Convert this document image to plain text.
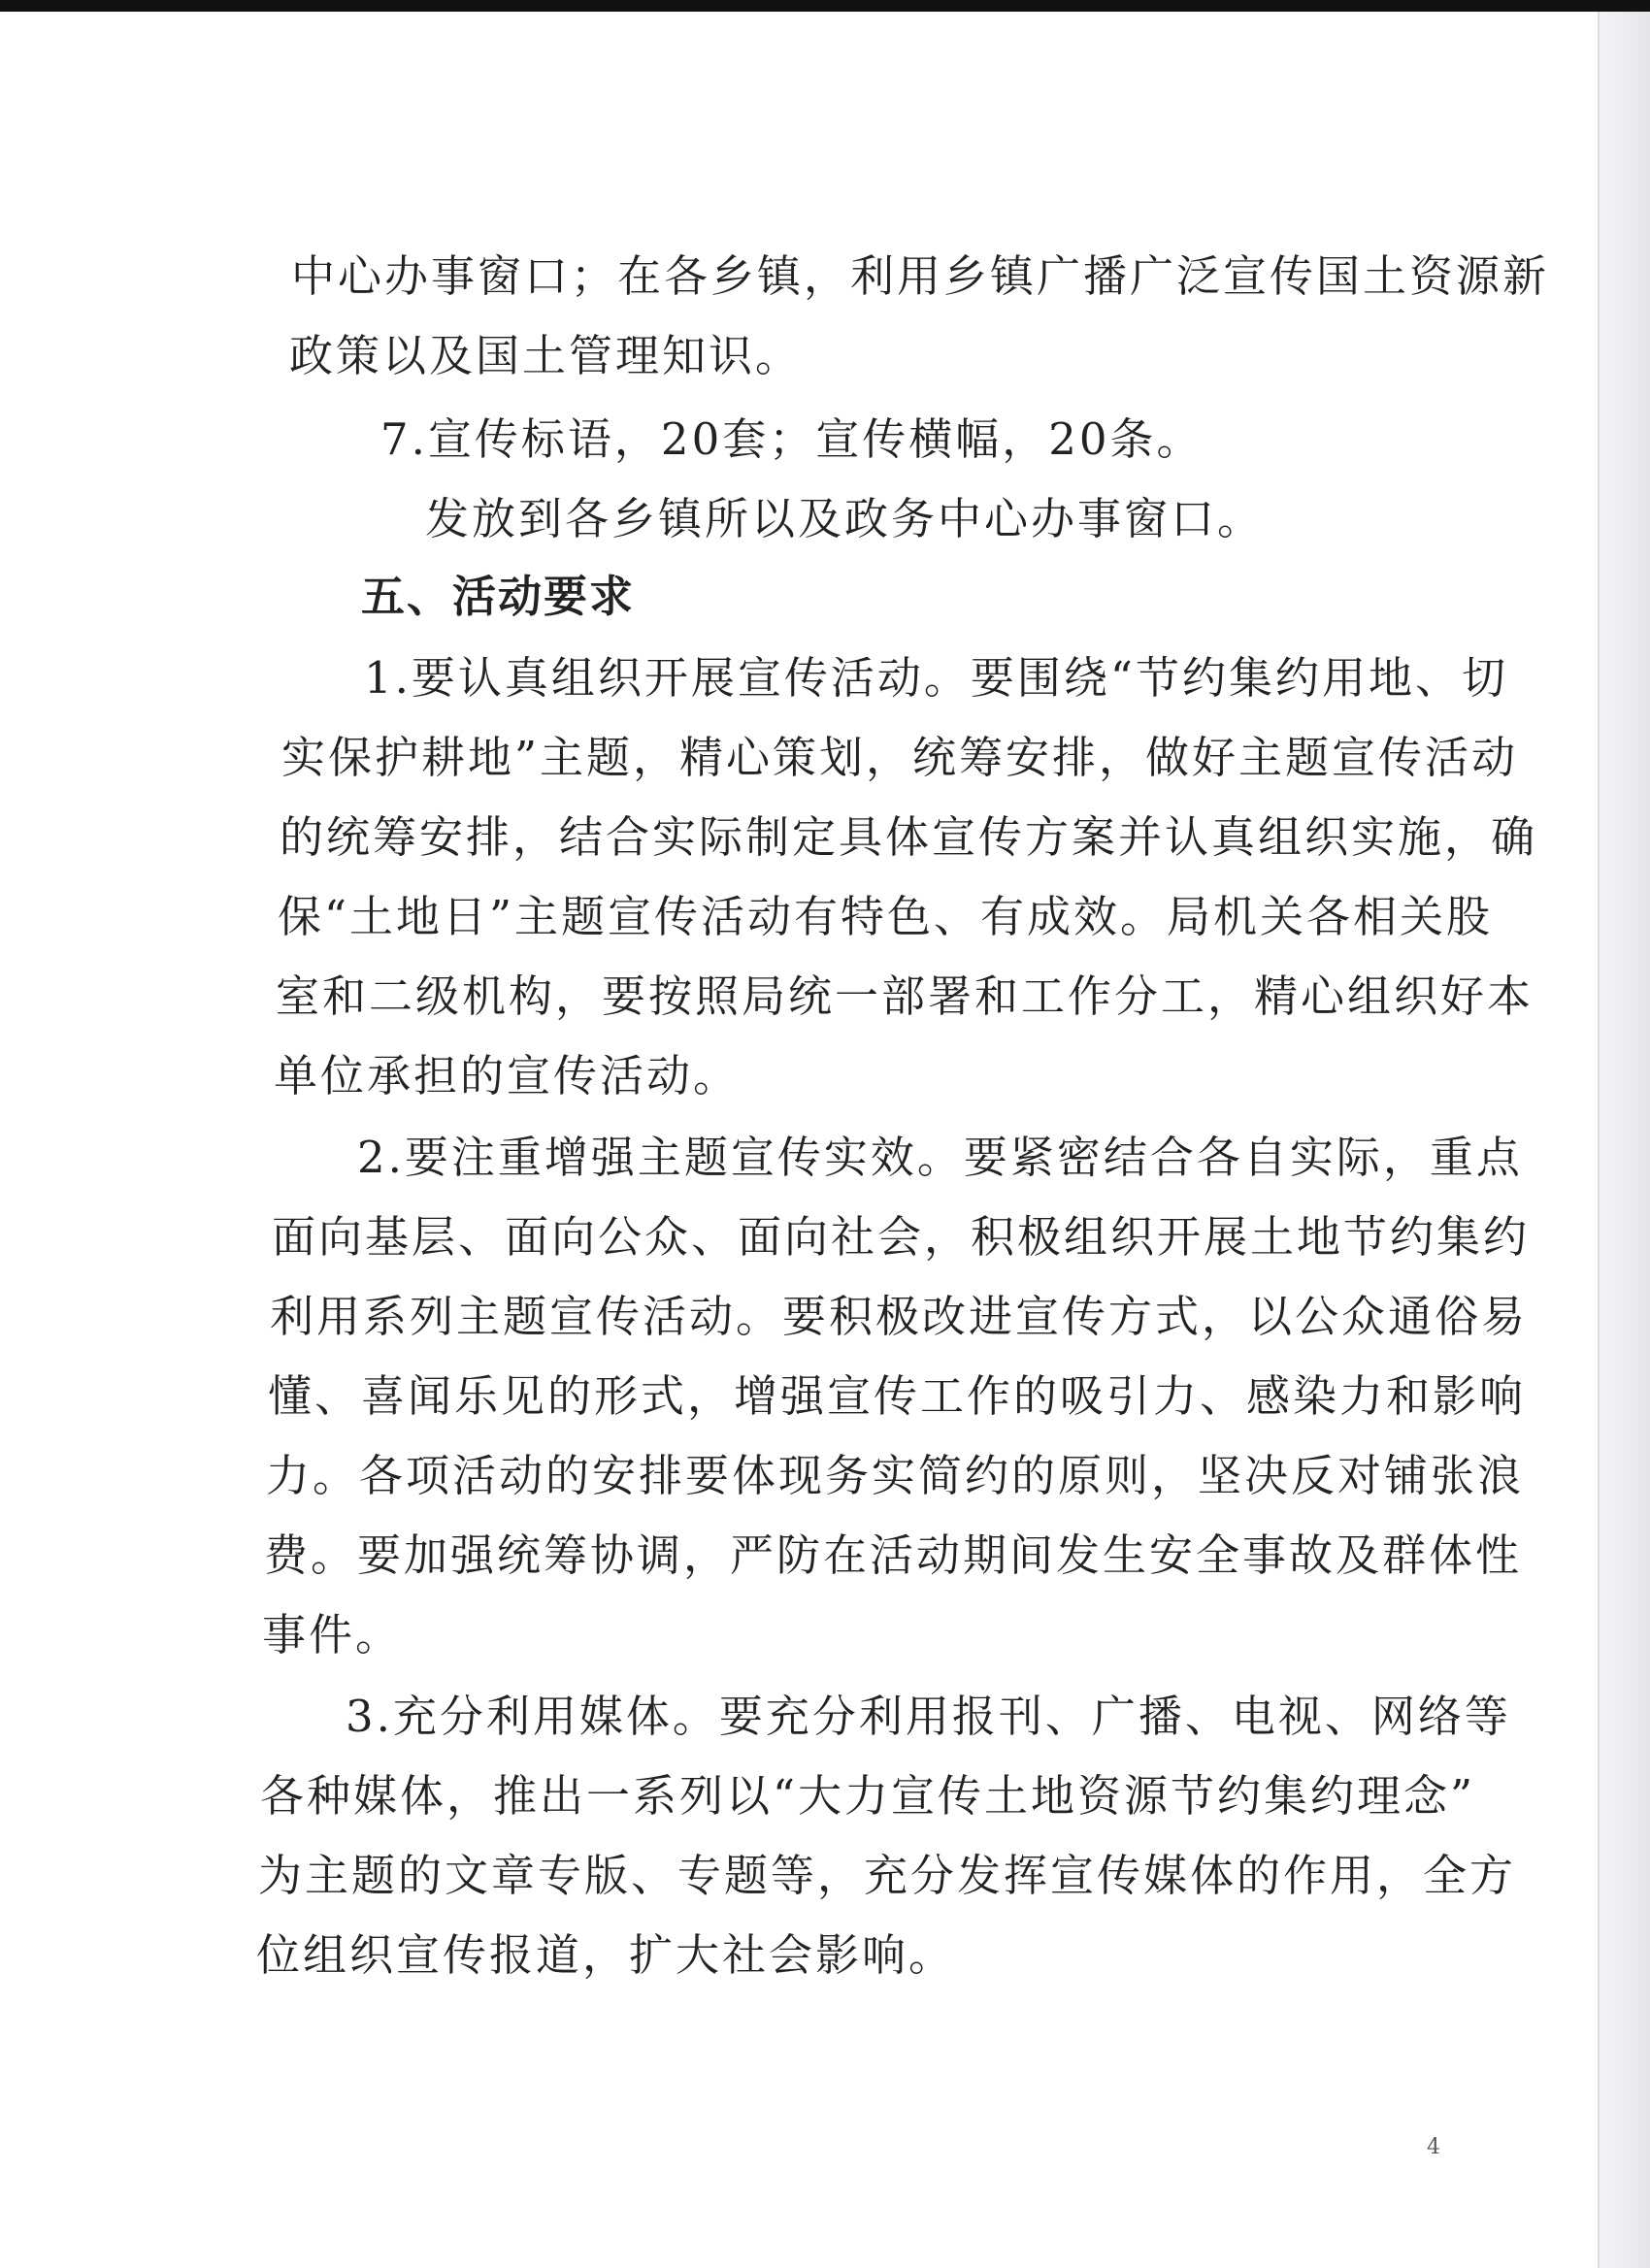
中心办事窗口；在各乡镇，利用乡镇广播广泛宣传国土资源新
政策以及国土管理知识。
7.宣传标语，20套；宣传横幅，20条。
发放到各乡镇所以及政务中心办事窗口。
五、活动要求
1.要认真组织开展宣传活动。要围绕“节约集约用地、切
实保护耕地”主题，精心策划，统筹安排，做好主题宣传活动
的统筹安排，结合实际制定具体宣传方案并认真组织实施，确
保“土地日”主题宣传活动有特色、有成效。局机关各相关股
室和二级机构，要按照局统一部署和工作分工，精心组织好本
单位承担的宣传活动。
2.要注重增强主题宣传实效。要紧密结合各自实际，重点
面向基层、面向公众、面向社会，积极组织开展土地节约集约
利用系列主题宣传活动。要积极改进宣传方式，以公众通俗易
懂、喜闻乐见的形式，增强宣传工作的吸引力、感染力和影响
力。各项活动的安排要体现务实简约的原则，坚决反对铺张浪
费。要加强统筹协调，严防在活动期间发生安全事故及群体性
事件。
3.充分利用媒体。要充分利用报刊、广播、电视、网络等
各种媒体，推出一系列以“大力宣传土地资源节约集约理念”
为主题的文章专版、专题等，充分发挥宣传媒体的作用，全方
位组织宣传报道，扩大社会影响。
4
